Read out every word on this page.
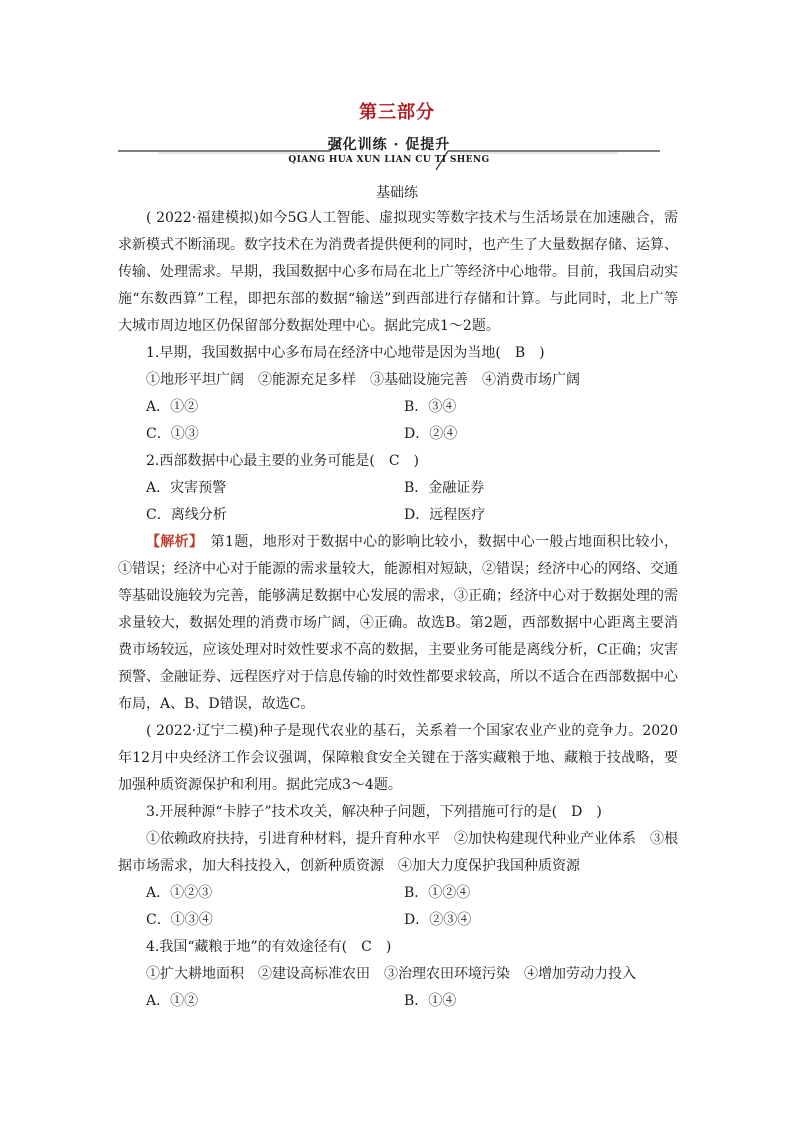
第三部分
强化训练 · 促提升
QIANG HUA XUN LIAN CU TI SHENG
基础练

( 2022·福建模拟)如今5G人工智能、虚拟现实等数字技术与生活场景在加速融合，需求新模式不断涌现。数字技术在为消费者提供便利的同时，也产生了大量数据存储、运算、传输、处理需求。早期，我国数据中心多布局在北上广等经济中心地带。目前，我国启动实施“东数西算”工程，即把东部的数据“输送”到西部进行存储和计算。与此同时，北上广等大城市周边地区仍保留部分数据处理中心。据此完成1～2题。

1.早期，我国数据中心多布局在经济中心地带是因为当地(　B　)

①地形平坦广阔　②能源充足多样　③基础设施完善　④消费市场广阔

A．①②	B．③④
C．①③	D．②④

2.西部数据中心最主要的业务可能是(　C　)

A．灾害预警	B．金融证券
C．离线分析	D．远程医疗

【解析】　第1题，地形对于数据中心的影响比较小，数据中心一般占地面积比较小，①错误；经济中心对于能源的需求量较大，能源相对短缺，②错误；经济中心的网络、交通等基础设施较为完善，能够满足数据中心发展的需求，③正确；经济中心对于数据处理的需求量较大，数据处理的消费市场广阔，④正确。故选B。第2题，西部数据中心距离主要消费市场较远，应该处理对时效性要求不高的数据，主要业务可能是离线分析，C正确；灾害预警、金融证券、远程医疗对于信息传输的时效性都要求较高，所以不适合在西部数据中心布局，A、B、D错误，故选C。

( 2022·辽宁二模)种子是现代农业的基石，关系着一个国家农业产业的竞争力。2020年12月中央经济工作会议强调，保障粮食安全关键在于落实藏粮于地、藏粮于技战略，要加强种质资源保护和利用。据此完成3～4题。

3.开展种源“卡脖子”技术攻关，解决种子问题，下列措施可行的是(　D　)

①依赖政府扶持，引进育种材料，提升育种水平　②加快构建现代种业产业体系　③根据市场需求，加大科技投入，创新种质资源　④加大力度保护我国种质资源

A．①②③	B．①②④
C．①③④	D．②③④

4.我国“藏粮于地”的有效途径有(　C　)

①扩大耕地面积　②建设高标准农田　③治理农田环境污染　④增加劳动力投入

A．①②	B．①④
